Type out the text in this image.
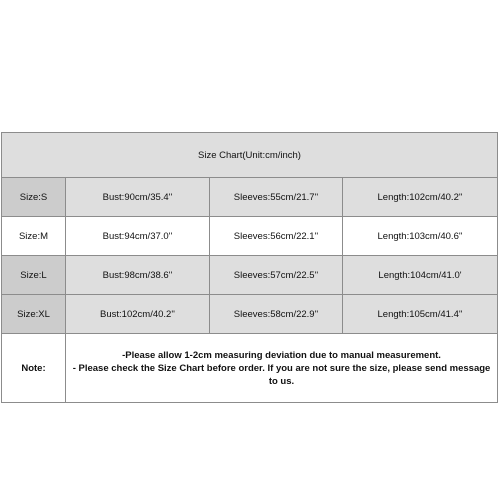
Size Chart(Unit:cm/inch)			
Size:S	Bust:90cm/35.4''	Sleeves:55cm/21.7''	Length:102cm/40.2''
Size:M	Bust:94cm/37.0''	Sleeves:56cm/22.1''	Length:103cm/40.6''
Size:L	Bust:98cm/38.6''	Sleeves:57cm/22.5''	Length:104cm/41.0'
Size:XL	Bust:102cm/40.2''	Sleeves:58cm/22.9''	Length:105cm/41.4''
Note:	-Please allow 1-2cm measuring deviation due to manual measurement.
- Please check the Size Chart before order. If you are not sure the size, please send message to us.		
